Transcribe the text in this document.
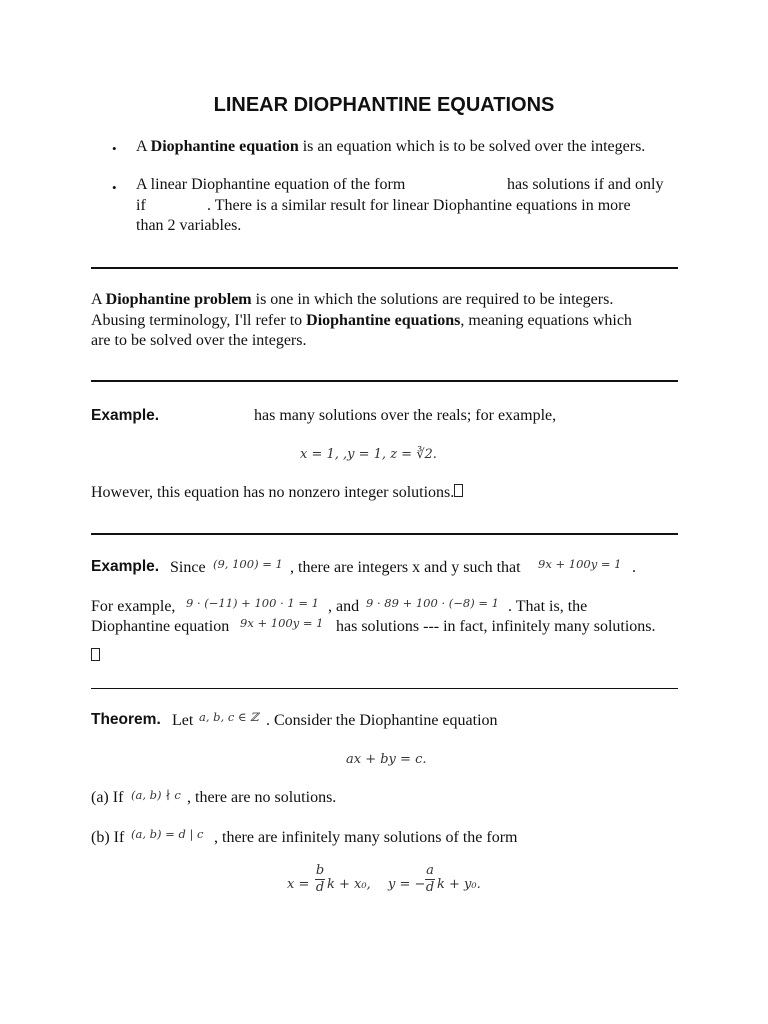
LINEAR DIOPHANTINE EQUATIONS
• A Diophantine equation is an equation which is to be solved over the integers.
• A linear Diophantine equation of the form	has solutions if and only
if	. There is a similar result for linear Diophantine equations in more
than 2 variables.
A Diophantine problem is one in which the solutions are required to be integers.
Abusing terminology, I'll refer to Diophantine equations, meaning equations which
are to be solved over the integers.
Example.	has many solutions over the reals; for example,
x = 1, ,y = 1, z = ∛2.
However, this equation has no nonzero integer solutions.
Example. Since (9, 100) = 1 , there are integers x and y such that 9x + 100y = 1 .
For example, 9 · (−11) + 100 · 1 = 1 , and 9 · 89 + 100 · (−8) = 1 . That is, the
Diophantine equation 9x + 100y = 1 has solutions --- in fact, infinitely many solutions.
Theorem. Let a, b, c ∈ ℤ . Consider the Diophantine equation
ax + by = c.
(a) If (a, b) ∤ c , there are no solutions.
(b) If (a, b) = d | c , there are infinitely many solutions of the form
x =
b
d k + x₀, y = −
a
d k + y₀.
